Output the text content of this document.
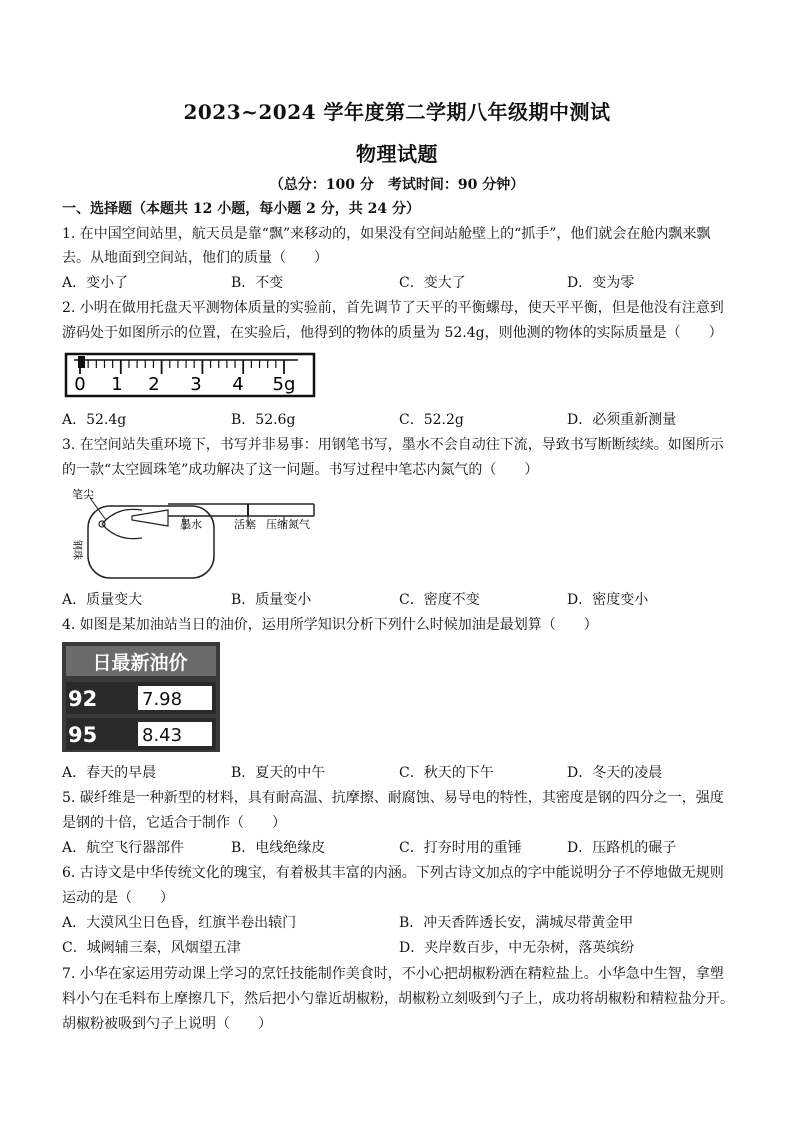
2023~2024 学年度第二学期八年级期中测试
物理试题
（总分：100 分　考试时间：90 分钟）
一、选择题（本题共 12 小题，每小题 2 分，共 24 分）
1. 在中国空间站里，航天员是靠“飘”来移动的，如果没有空间站舱壁上的“抓手”，他们就会在舱内飘来飘
去。从地面到空间站，他们的质量（　　）
A．变小了	B．不变	C．变大了	D．变为零
2. 小明在做用托盘天平测物体质量的实验前，首先调节了天平的平衡螺母，使天平平衡，但是他没有注意到
游码处于如图所示的位置，在实验后，他得到的物体的质量为 52.4g，则他测的物体的实际质量是（　　）
0 1 2 3 4 5g
A．52.4g	B．52.6g	C．52.2g	D．必须重新测量
3. 在空间站失重环境下，书写并非易事：用钢笔书写，墨水不会自动往下流，导致书写断断续续。如图所示
的一款“太空圆珠笔”成功解决了这一问题。书写过程中笔芯内氮气的（　　）
笔尖
墨水	活塞 压缩氮气
钢珠
A．质量变大	B．质量变小	C．密度不变	D．密度变小
4. 如图是某加油站当日的油价，运用所学知识分析下列什么时候加油是最划算（　　）
日最新油价
92 7.98
95 8.43
A．春天的早晨	B．夏天的中午	C．秋天的下午	D．冬天的凌晨
5. 碳纤维是一种新型的材料，具有耐高温、抗摩擦、耐腐蚀、易导电的特性，其密度是钢的四分之一，强度
是钢的十倍，它适合于制作（　　）
A．航空飞行器部件	B．电线绝缘皮	C．打夯时用的重锤	D．压路机的碾子
6. 古诗文是中华传统文化的瑰宝，有着极其丰富的内涵。下列古诗文加点的字中能说明分子不停地做无规则
运动的是（　　）
A．大漠风尘日色昏，红旗半卷出辕门	B．冲天香阵透长安，满城尽带黄金甲
C．城阙辅三秦，风烟望五津	D．夹岸数百步，中无杂树，落英缤纷
7. 小华在家运用劳动课上学习的烹饪技能制作美食时，不小心把胡椒粉洒在精粒盐上。小华急中生智，拿塑
料小勺在毛料布上摩擦几下，然后把小勺靠近胡椒粉，胡椒粉立刻吸到勺子上，成功将胡椒粉和精粒盐分开。
胡椒粉被吸到勺子上说明（　　）
